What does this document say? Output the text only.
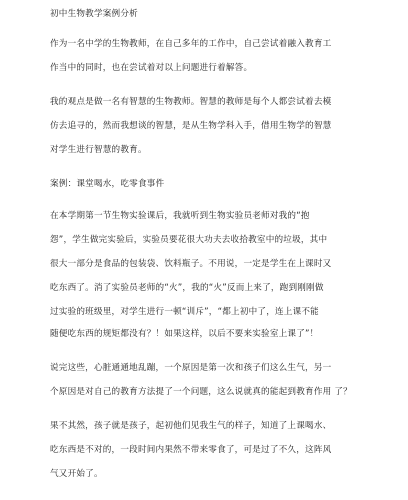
初中生物教学案例分析
作为一名中学的生物教师，在自己多年的工作中，自己尝试着融入教育工
作当中的同时，也在尝试着对以上问题进行着解答。
我的观点是做一名有智慧的生物教师。智慧的教师是每个人都尝试着去模
仿去追寻的，然而我想谈的智慧，是从生物学科入手，借用生物学的智慧
对学生进行智慧的教育。
案例：课堂喝水，吃零食事件
在本学期第一节生物实验课后，我就听到生物实验员老师对我的“抱
怨”，学生做完实验后，实验员要花很大功夫去收拾教室中的垃圾，其中
很大一部分是食品的包装袋、饮料瓶子。不用说，一定是学生在上课时又
吃东西了。消了实验员老师的“火”，我的“火”反而上来了，跑到刚刚做
过实验的班级里，对学生进行一顿“训斥”，“都上初中了，连上课不能
随便吃东西的规矩都没有？！如果这样，以后不要来实验室上课了”！
说完这些，心脏通通地乱蹦，一个原因是第一次和孩子们这么生气，另一
个原因是对自己的教育方法提了一个问题，这么说就真的能起到教育作用 了？
果不其然，孩子就是孩子，起初他们见我生气的样子，知道了上课喝水、
吃东西是不对的，一段时间内果然不带来零食了，可是过了不久，这阵风
气又开始了。
